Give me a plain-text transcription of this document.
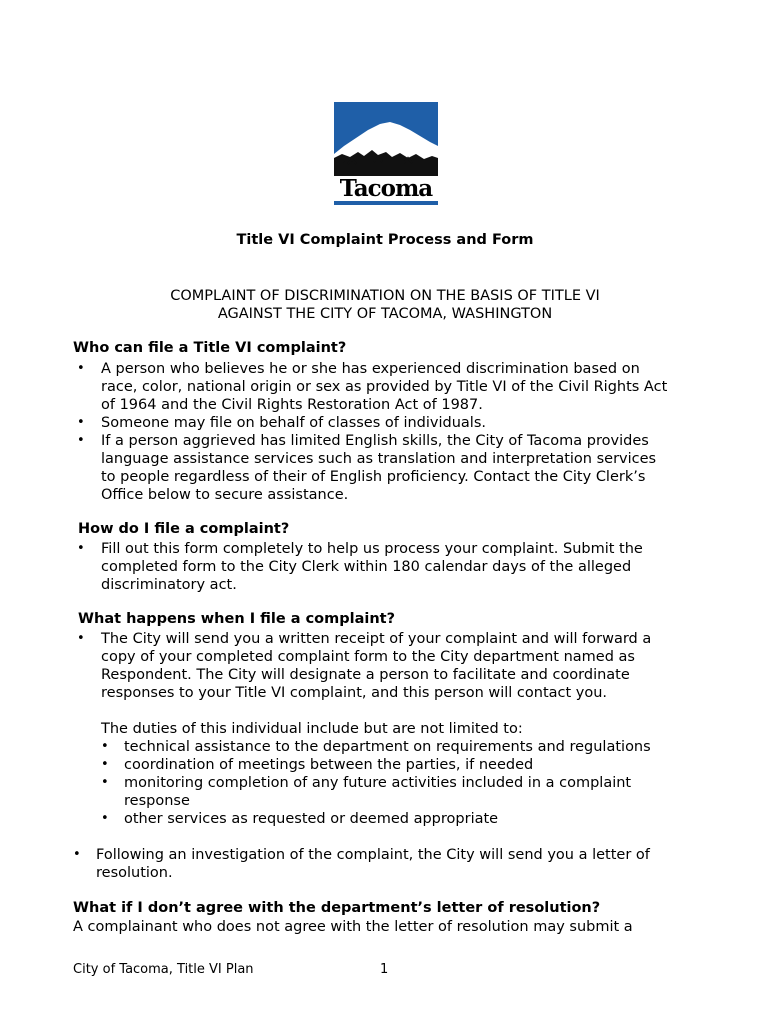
Tacoma
Title VI Complaint Process and Form
COMPLAINT OF DISCRIMINATION ON THE BASIS OF TITLE VI
AGAINST THE CITY OF TACOMA, WASHINGTON
Who can file a Title VI complaint?
• A person who believes he or she has experienced discrimination based on
race, color, national origin or sex as provided by Title VI of the Civil Rights Act
of 1964 and the Civil Rights Restoration Act of 1987.
• Someone may file on behalf of classes of individuals.
• If a person aggrieved has limited English skills, the City of Tacoma provides
language assistance services such as translation and interpretation services
to people regardless of their of English proficiency. Contact the City Clerk’s
Office below to secure assistance.
How do I file a complaint?
• Fill out this form completely to help us process your complaint. Submit the
completed form to the City Clerk within 180 calendar days of the alleged
discriminatory act.
What happens when I file a complaint?
• The City will send you a written receipt of your complaint and will forward a
copy of your completed complaint form to the City department named as
Respondent. The City will designate a person to facilitate and coordinate
responses to your Title VI complaint, and this person will contact you.
The duties of this individual include but are not limited to:
• technical assistance to the department on requirements and regulations
• coordination of meetings between the parties, if needed
• monitoring completion of any future activities included in a complaint
response
• other services as requested or deemed appropriate
• Following an investigation of the complaint, the City will send you a letter of
resolution.
What if I don’t agree with the department’s letter of resolution?
A complainant who does not agree with the letter of resolution may submit a
City of Tacoma, Title VI Plan	1
